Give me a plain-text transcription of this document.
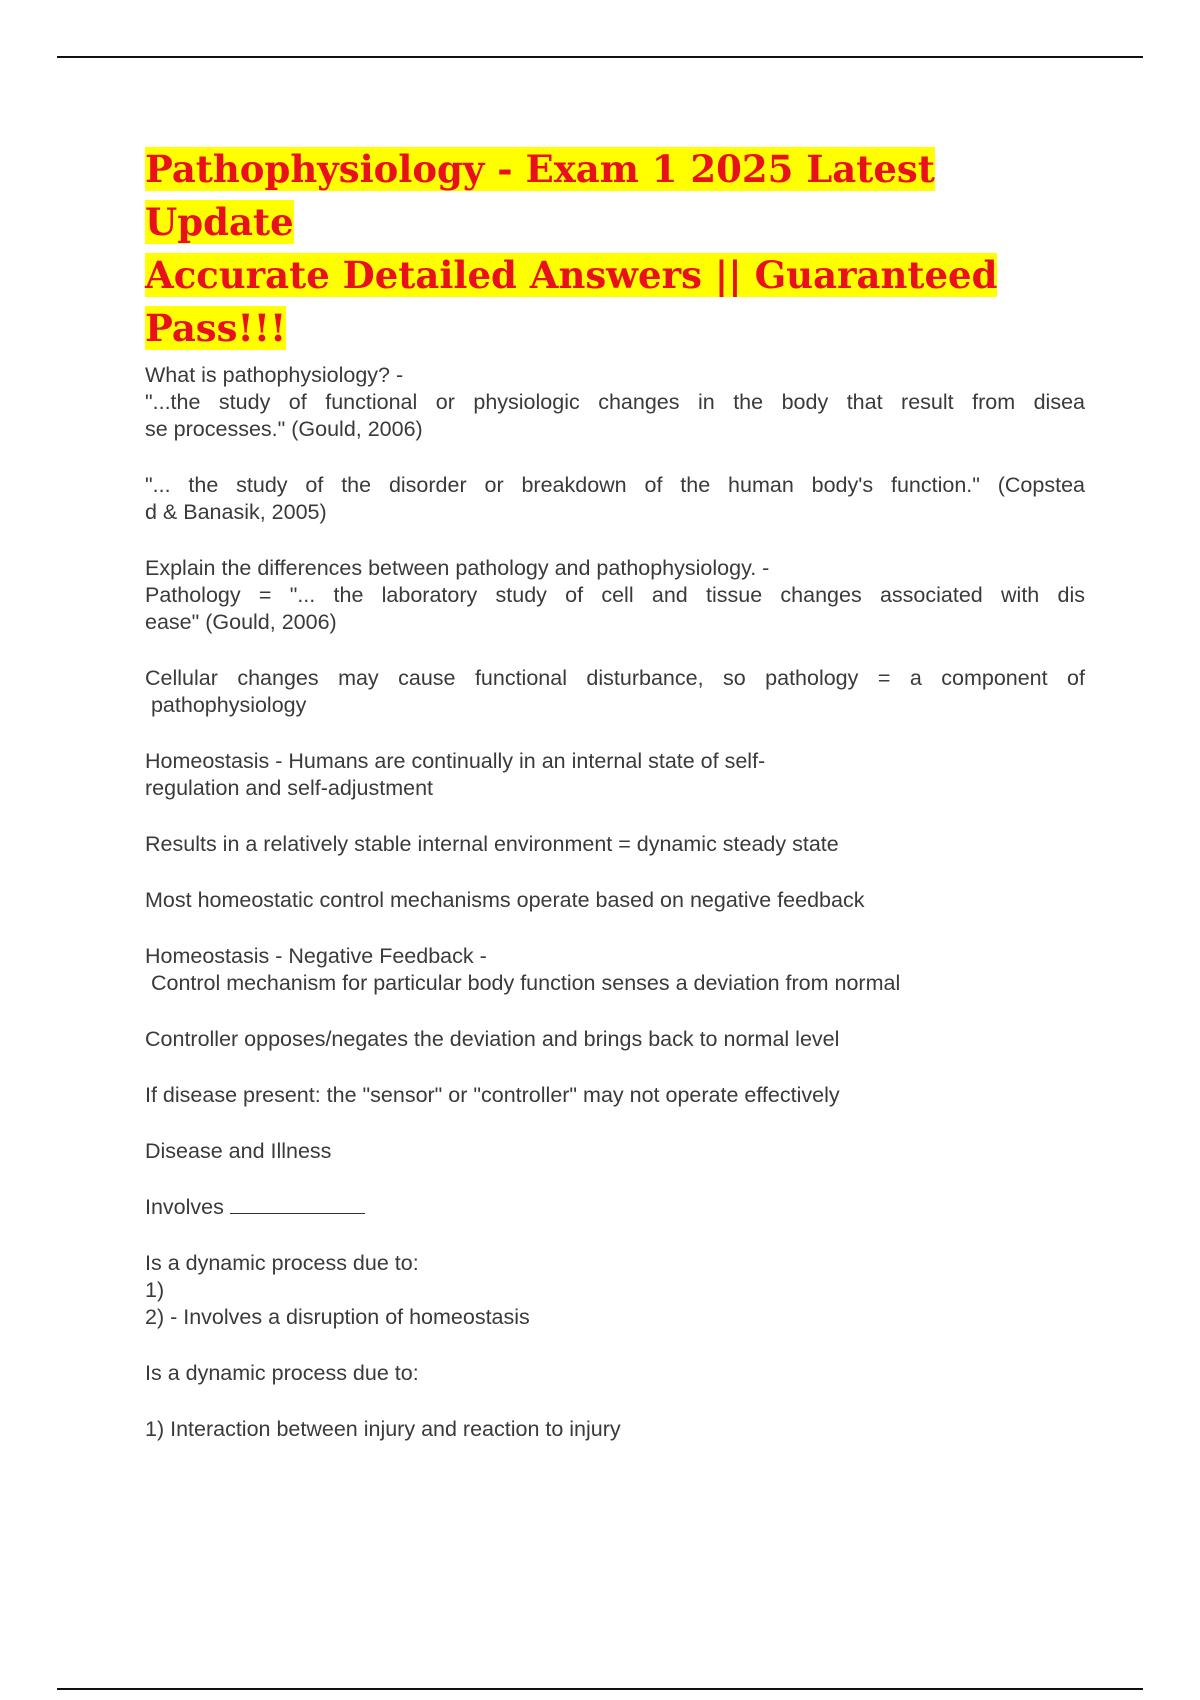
Pathophysiology - Exam 1 2025 Latest Update
Accurate Detailed Answers || Guaranteed
Pass!!!
What is pathophysiology? -
"...the study of functional or physiologic changes in the body that result from disea
se processes." (Gould, 2006)
"... the study of the disorder or breakdown of the human body's function." (Copstea
d & Banasik, 2005)
Explain the differences between pathology and pathophysiology. -
Pathology = "... the laboratory study of cell and tissue changes associated with dis
ease" (Gould, 2006)
Cellular changes may cause functional disturbance, so pathology = a component of
pathophysiology
Homeostasis - Humans are continually in an internal state of self-
regulation and self-adjustment
Results in a relatively stable internal environment = dynamic steady state
Most homeostatic control mechanisms operate based on negative feedback
Homeostasis - Negative Feedback -
Control mechanism for particular body function senses a deviation from normal
Controller opposes/negates the deviation and brings back to normal level
If disease present: the "sensor" or "controller" may not operate effectively
Disease and Illness
Involves
Is a dynamic process due to:
1)
2) - Involves a disruption of homeostasis
Is a dynamic process due to:
1) Interaction between injury and reaction to injury
